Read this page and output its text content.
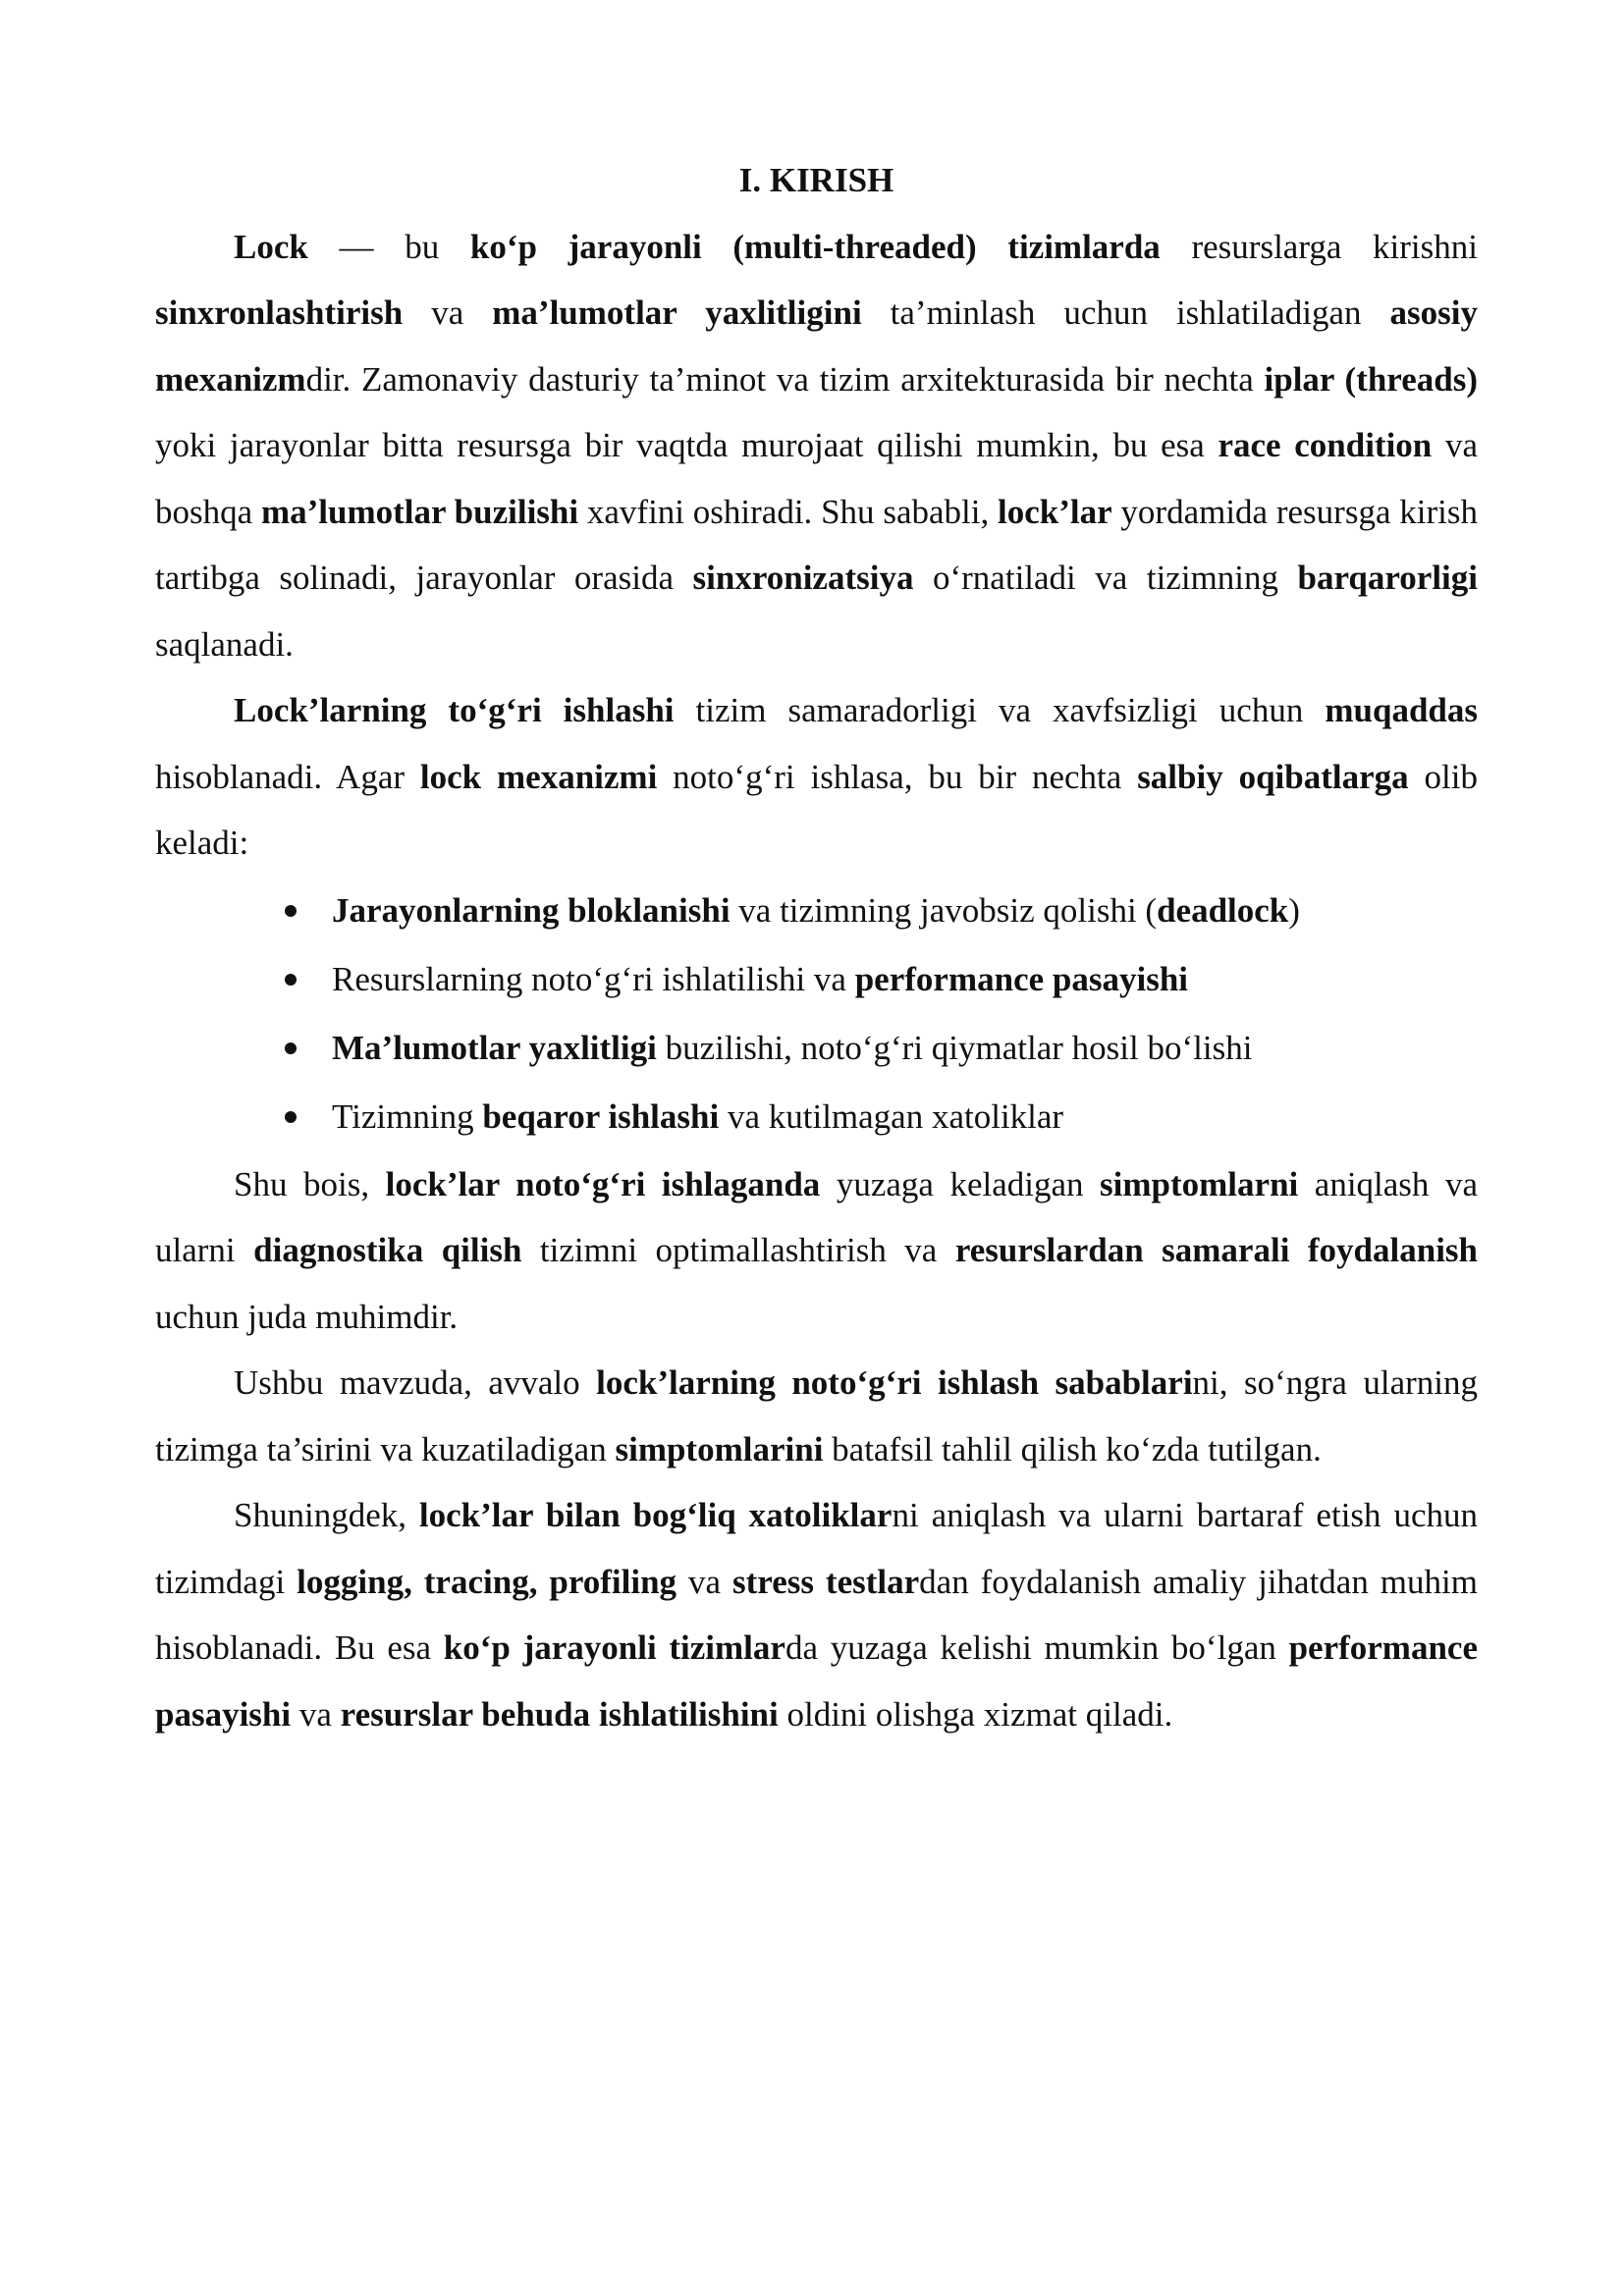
I. KIRISH

Lock — bu ko‘p jarayonli (multi-threaded) tizimlarda resurslarga kirishni sinxronlashtirish va ma’lumotlar yaxlitligini ta’minlash uchun ishlatiladigan asosiy mexanizmdir. Zamonaviy dasturiy ta’minot va tizim arxitekturasida bir nechta iplar (threads) yoki jarayonlar bitta resursga bir vaqtda murojaat qilishi mumkin, bu esa race condition va boshqa ma’lumotlar buzilishi xavfini oshiradi. Shu sababli, lock’lar yordamida resursga kirish tartibga solinadi, jarayonlar orasida sinxronizatsiya o‘rnatiladi va tizimning barqarorligi saqlanadi.

Lock’larning to‘g‘ri ishlashi tizim samaradorligi va xavfsizligi uchun muqaddas hisoblanadi. Agar lock mexanizmi noto‘g‘ri ishlasa, bu bir nechta salbiy oqibatlarga olib keladi:

Jarayonlarning bloklanishi va tizimning javobsiz qolishi (deadlock)
Resurslarning noto‘g‘ri ishlatilishi va performance pasayishi
Ma’lumotlar yaxlitligi buzilishi, noto‘g‘ri qiymatlar hosil bo‘lishi
Tizimning beqaror ishlashi va kutilmagan xatoliklar

Shu bois, lock’lar noto‘g‘ri ishlaganda yuzaga keladigan simptomlarni aniqlash va ularni diagnostika qilish tizimni optimallashtirish va resurslardan samarali foydalanish uchun juda muhimdir.

Ushbu mavzuda, avvalo lock’larning noto‘g‘ri ishlash sabablarini, so‘ngra ularning tizimga ta’sirini va kuzatiladigan simptomlarini batafsil tahlil qilish ko‘zda tutilgan.

Shuningdek, lock’lar bilan bog‘liq xatoliklarni aniqlash va ularni bartaraf etish uchun tizimdagi logging, tracing, profiling va stress testlardan foydalanish amaliy jihatdan muhim hisoblanadi. Bu esa ko‘p jarayonli tizimlarda yuzaga kelishi mumkin bo‘lgan performance pasayishi va resurslar behuda ishlatilishini oldini olishga xizmat qiladi.
